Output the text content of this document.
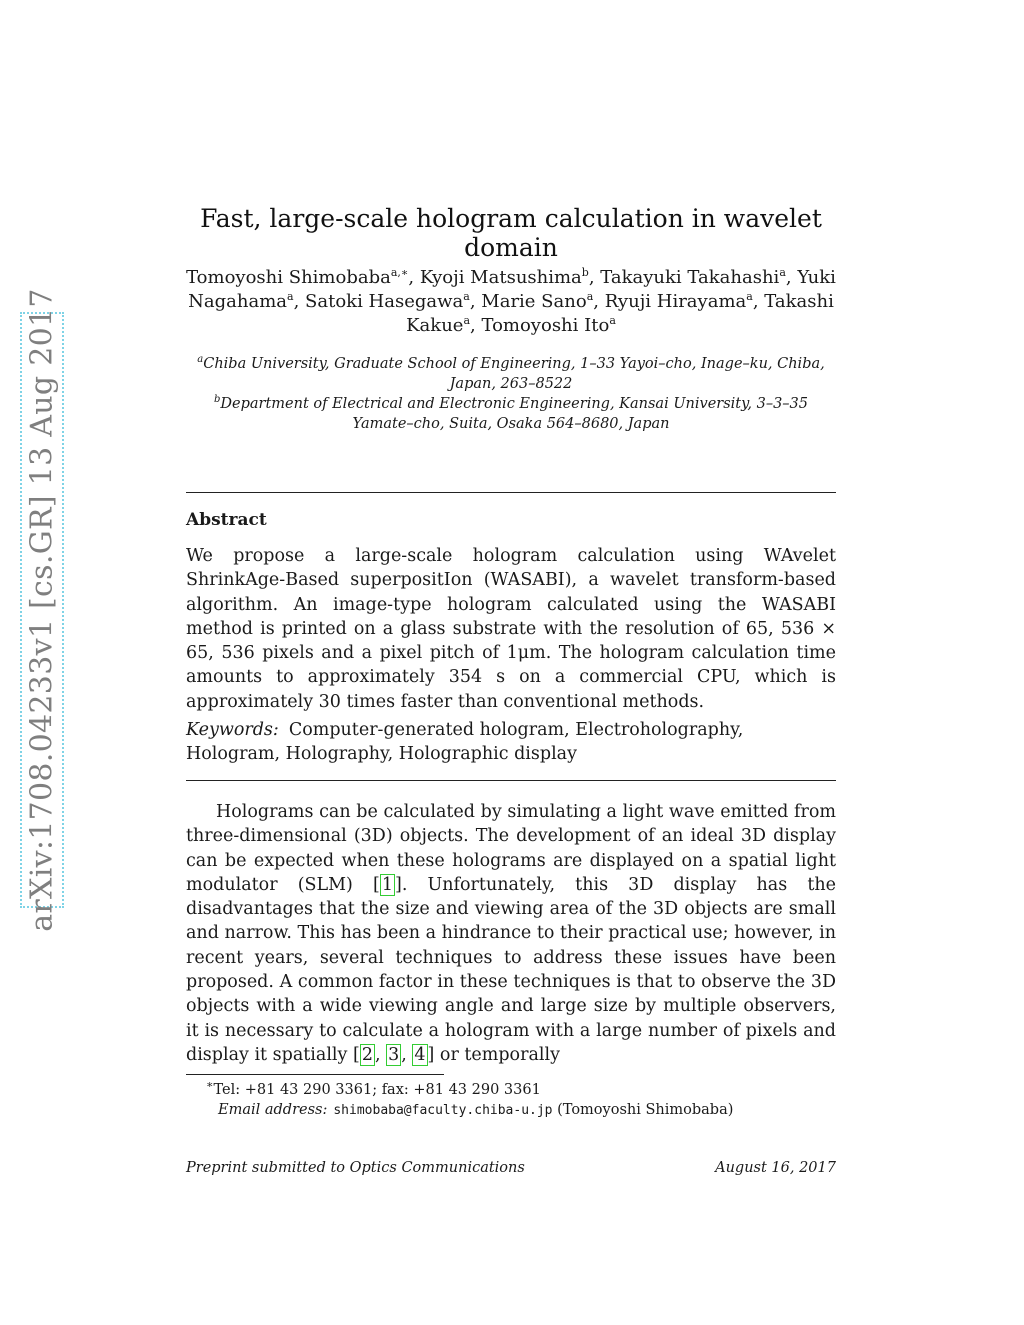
arXiv:1708.04233v1 [cs.GR] 13 Aug 2017
Fast, large-scale hologram calculation in wavelet domain
Tomoyoshi Shimobaba$^{a,∗}$, Kyoji Matsushima$^b$, Takayuki Takahashi$^a$, Yuki Nagahama$^a$, Satoki Hasegawa$^a$, Marie Sano$^a$, Ryuji Hirayama$^a$, Takashi Kakue$^a$, Tomoyoshi Ito$^a$
$^a$Chiba University, Graduate School of Engineering, 1–33 Yayoi–cho, Inage–ku, Chiba, Japan, 263–8522
$^b$Department of Electrical and Electronic Engineering, Kansai University, 3–3–35 Yamate–cho, Suita, Osaka 564–8680, Japan
Abstract
We propose a large-scale hologram calculation using WAvelet ShrinkAge-Based superpositIon (WASABI), a wavelet transform-based algorithm. An image-type hologram calculated using the WASABI method is printed on a glass substrate with the resolution of 65, 536 × 65, 536 pixels and a pixel pitch of 1μm. The hologram calculation time amounts to approximately 354 s on a commercial CPU, which is approximately 30 times faster than conventional methods.
Keywords: Computer-generated hologram, Electroholography, Hologram, Holography, Holographic display
Holograms can be calculated by simulating a light wave emitted from three-dimensional (3D) objects. The development of an ideal 3D display can be expected when these holograms are displayed on a spatial light modulator (SLM) [ 1 ]. Unfortunately, this 3D display has the disadvantages that the size and viewing area of the 3D objects are small and narrow. This has been a hindrance to their practical use; however, in recent years, several techniques to address these issues have been proposed. A common factor in these techniques is that to observe the 3D objects with a wide viewing angle and large size by multiple observers, it is necessary to calculate a hologram with a large number of pixels and display it spatially [ 2 , 3 , 4 ] or temporally
∗Tel: +81 43 290 3361; fax: +81 43 290 3361
Email address: shimobaba@faculty.chiba-u.jp (Tomoyoshi Shimobaba)
Preprint submitted to Optics Communications	August 16, 2017
